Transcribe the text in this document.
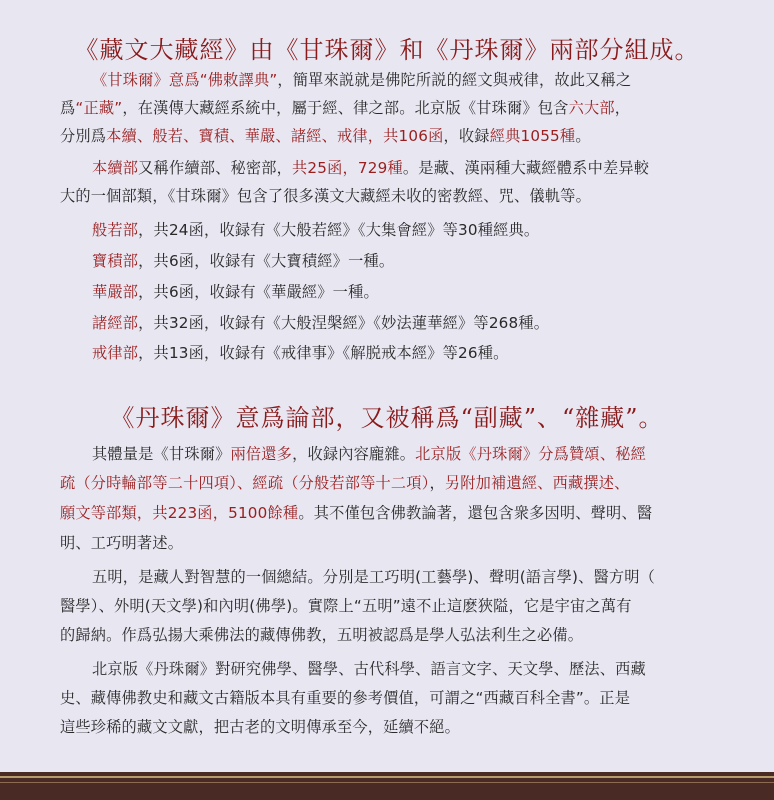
《藏文大藏經》由《甘珠爾》和《丹珠爾》兩部分組成。
《甘珠爾》意爲“佛敕譯典”，簡單來説就是佛陀所説的經文與戒律，故此又稱之
爲“正藏”，在漢傳大藏經系統中，屬于經、律之部。北京版《甘珠爾》包含六大部，
分別爲本續、般若、寶積、華嚴、諸經、戒律，共106函，收録經典1055種。
本續部又稱作續部、秘密部，共25函，729種。是藏、漢兩種大藏經體系中差异較
大的一個部類，《甘珠爾》包含了很多漢文大藏經未收的密教經、咒、儀軌等。
般若部，共24函，收録有《大般若經》《大集會經》等30種經典。
寶積部，共6函，收録有《大寶積經》一種。
華嚴部，共6函，收録有《華嚴經》一種。
諸經部，共32函，收録有《大般涅槃經》《妙法蓮華經》等268種。
戒律部，共13函，收録有《戒律事》《解脱戒本經》等26種。
《丹珠爾》意爲論部，又被稱爲“副藏”、“雜藏”。
其體量是《甘珠爾》兩倍還多，收録內容龐雜。北京版《丹珠爾》分爲贊頌、秘經
疏（分時輪部等二十四項）、經疏（分般若部等十二項），另附加補遺經、西藏撰述、
願文等部類，共223函，5100餘種。其不僅包含佛教論著，還包含衆多因明、聲明、醫
明、工巧明著述。
五明，是藏人對智慧的一個總結。分別是工巧明(工藝學)、聲明(語言學)、醫方明（
醫學）、外明(天文學)和內明(佛學)。實際上“五明”遠不止這麽狹隘，它是宇宙之萬有
的歸納。作爲弘揚大乘佛法的藏傳佛教，五明被認爲是學人弘法利生之必備。
北京版《丹珠爾》對研究佛學、醫學、古代科學、語言文字、天文學、歷法、西藏
史、藏傳佛教史和藏文古籍版本具有重要的參考價值，可謂之“西藏百科全書”。正是
這些珍稀的藏文文獻，把古老的文明傳承至今，延續不絕。
